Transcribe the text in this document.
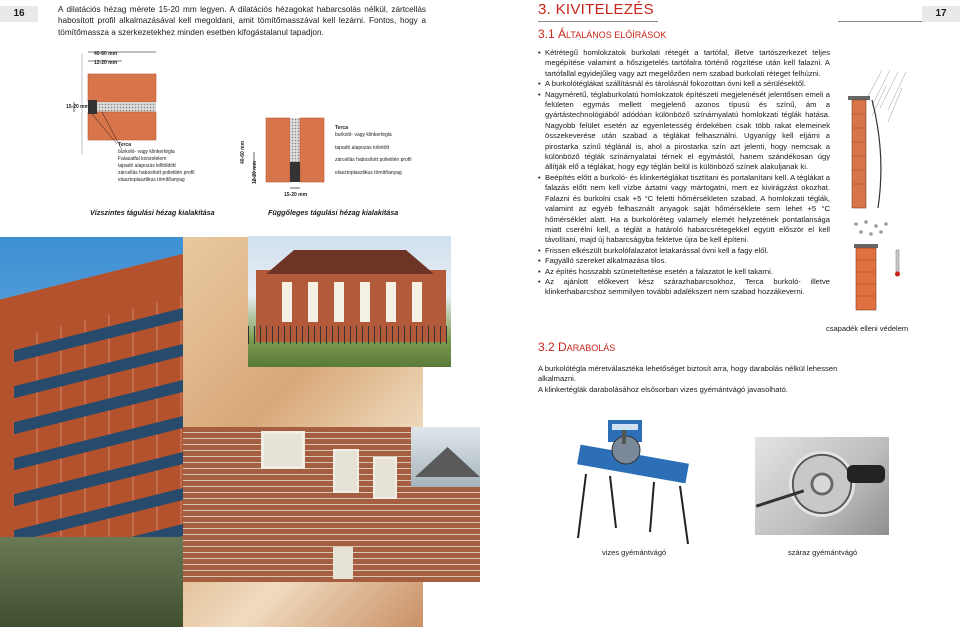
16	17
A dilatációs hézag mérete 15-20 mm legyen. A dilatációs hézagokat habarcsolás nélkül, zártcellás habosított profil alkalmazásával kell megoldani, amit tömítőmasszával kell lezárni. Fontos, hogy a tömítőmassza a szerkezetekhez minden esetben kifogástalanul tapadjon.
40-60 mm
12-20 mm
15-20 mm
Terca
burkoló- vagy klinkertégla
Falazatfal konzolelem
tapadó alapozás lelltöldött
zárcellás habosított polietilén profil
elasztoplasztikus tömítőanyag
Vízszintes tágulási hézag kialakítása
40-60 mm
12-20 mm
15-20 mm
Terca
burkoló- vagy klinkertégla
tapadó alapozás kiöntött
zárcellás habosított polietilén profil
elasztoplasztikus tömítőanyag
Függőleges tágulási hézag kialakítása
3. KIVITELEZÉS
3.1 ÁLTALÁNOS ELŐÍRÁSOK
• Kétrétegű homlokzatok burkolati rétegét a tartófal, illetve tartószerkezet teljes megépítése valamint a hőszigetelés tartófalra történő rögzítése után kell falazni. A tartófallal egyidejűleg vagy azt megelőzően nem szabad burkolati réteget felhúzni.
• A burkolótéglákat szállításnál és tárolásnál fokozottan óvni kell a sérülésektől.
• Nagyméretű, téglaburkolatú homlokzatok építészeti megjelenését jelentősen emeli a felületen egymás mellett megjelenő azonos típusú és színű, ám a gyártástechnológiából adódóan különböző színárnyalatú homlokzati téglák hatása. Nagyobb felület esetén az egyenletesség érdekében csak több rakat elemeinek összekeverése után szabad a téglákat felhasználni. Ugyanígy kell eljárni a pirostarka színű téglánál is, ahol a pirostarka szín azt jelenti, hogy nemcsak a különböző téglák színárnyalatai térnek el egymástól, hanem szándékosan úgy állítják elő a téglákat, hogy egy téglán belül is különböző színek alakuljanak ki.
• Beépítés előtt a burkoló- és klinkertéglákat tisztítani és portalanítani kell. A téglákat a falazás előtt nem kell vízbe áztatni vagy mártogatni, mert ez kivirágzást okozhat. Falazni és burkolni csak +5 °C feletti hőmérsékleten szabad. A homlokzati téglák, valamint az egyéb felhasznált anyagok saját hőmérséklete sem lehet +5 °C hőmérséklet alatt. Ha a burkolóréteg valamely elemét helyzetének pontatlansága miatt cserélni kell, a téglát a határoló habarcsrétegekkel együtt először el kell távolítani, majd új habarcságyba fektetve újra be kell építeni.
• Frissen elkészült burkolófalazatot letakarással óvni kell a fagy elől.
• Fagyálló szereket alkalmazása tilos.
• Az építés hosszabb szüneteltetése esetén a falazatot le kell takarni.
• Az ajánlott előkevert kész szárazhabarcsokhoz, Terca burkoló- illetve klinkerhabarcshoz semmilyen további adalékszert nem szabad hozzákeverni.
csapadék elleni védelem
3.2 DARABOLÁS
A burkolótégla méretválasztéka lehetőséget biztosít arra, hogy darabolás nélkül lehessen alkalmazni.
A klinkertéglák darabolásához elsősorban vizes gyémántvágó javasolható.
vizes gyémántvágó	száraz gyémántvágó
